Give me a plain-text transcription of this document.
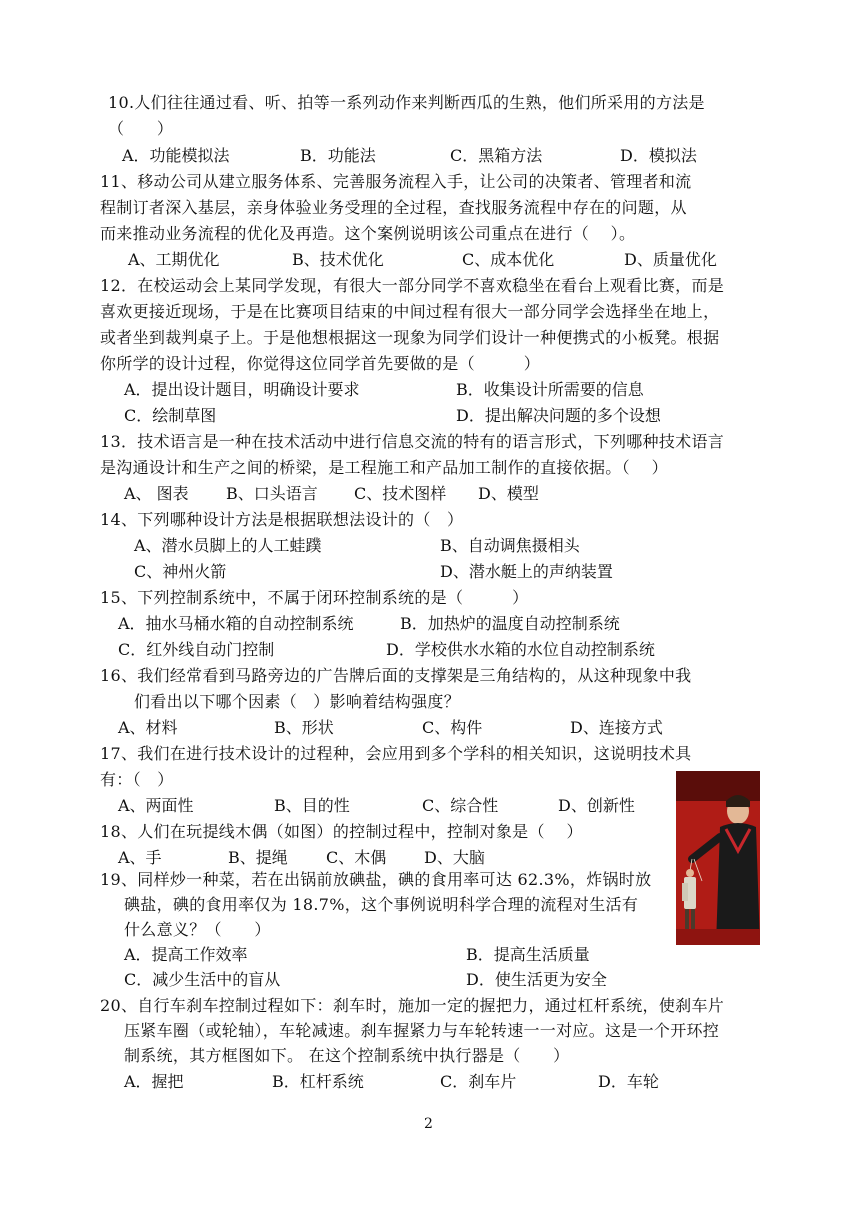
10.人们往往通过看、听、拍等一系列动作来判断西瓜的生熟，他们所采用的方法是
（　　）
A．功能模拟法	B．功能法	C．黑箱方法	D．模拟法
11、移动公司从建立服务体系、完善服务流程入手，让公司的决策者、管理者和流
程制订者深入基层，亲身体验业务受理的全过程，查找服务流程中存在的问题，从
而来推动业务流程的优化及再造。这个案例说明该公司重点在进行（　 ）。
A、工期优化	B、技术优化	C、成本优化	D、质量优化
12．在校运动会上某同学发现，有很大一部分同学不喜欢稳坐在看台上观看比赛，而是
喜欢更接近现场，于是在比赛项目结束的中间过程有很大一部分同学会选择坐在地上，
或者坐到裁判桌子上。于是他想根据这一现象为同学们设计一种便携式的小板凳。根据
你所学的设计过程，你觉得这位同学首先要做的是（　　　）
A．提出设计题目，明确设计要求	B．收集设计所需要的信息
C．绘制草图	D．提出解决问题的多个设想
13．技术语言是一种在技术活动中进行信息交流的特有的语言形式，下列哪种技术语言
是沟通设计和生产之间的桥梁，是工程施工和产品加工制作的直接依据。（　 ）
A、 图表 B、口头语言 C、技术图样 D、模型
14、下列哪种设计方法是根据联想法设计的（　）
A、潜水员脚上的人工蛙蹼	B、自动调焦摄相头
C、神州火箭	D、潜水艇上的声纳装置
15、下列控制系统中，不属于闭环控制系统的是（　　　）
A．抽水马桶水箱的自动控制系统	B．加热炉的温度自动控制系统
C．红外线自动门控制	D．学校供水水箱的水位自动控制系统
16、我们经常看到马路旁边的广告牌后面的支撑架是三角结构的，从这种现象中我
们看出以下哪个因素（　）影响着结构强度？
A、材料	B、形状	C、构件	D、连接方式
17、我们在进行技术设计的过程种，会应用到多个学科的相关知识，这说明技术具
有：（　）
A、两面性	B、目的性	C、综合性	D、创新性
18、人们在玩提线木偶（如图）的控制过程中，控制对象是（　 ）
A、手	B、提绳 C、木偶 D、大脑
19、同样炒一种菜，若在出锅前放碘盐，碘的食用率可达 62.3%，炸锅时放
碘盐，碘的食用率仅为 18.7%，这个事例说明科学合理的流程对生活有
什么意义？（　　）
A．提高工作效率	B．提高生活质量
C．减少生活中的盲从	D．使生活更为安全
20、自行车刹车控制过程如下：刹车时，施加一定的握把力，通过杠杆系统，使刹车片
压紧车圈（或轮轴），车轮减速。刹车握紧力与车轮转速一一对应。这是一个开环控
制系统，其方框图如下。 在这个控制系统中执行器是（　　）
A．握把	B．杠杆系统	C．刹车片	D．车轮
2
